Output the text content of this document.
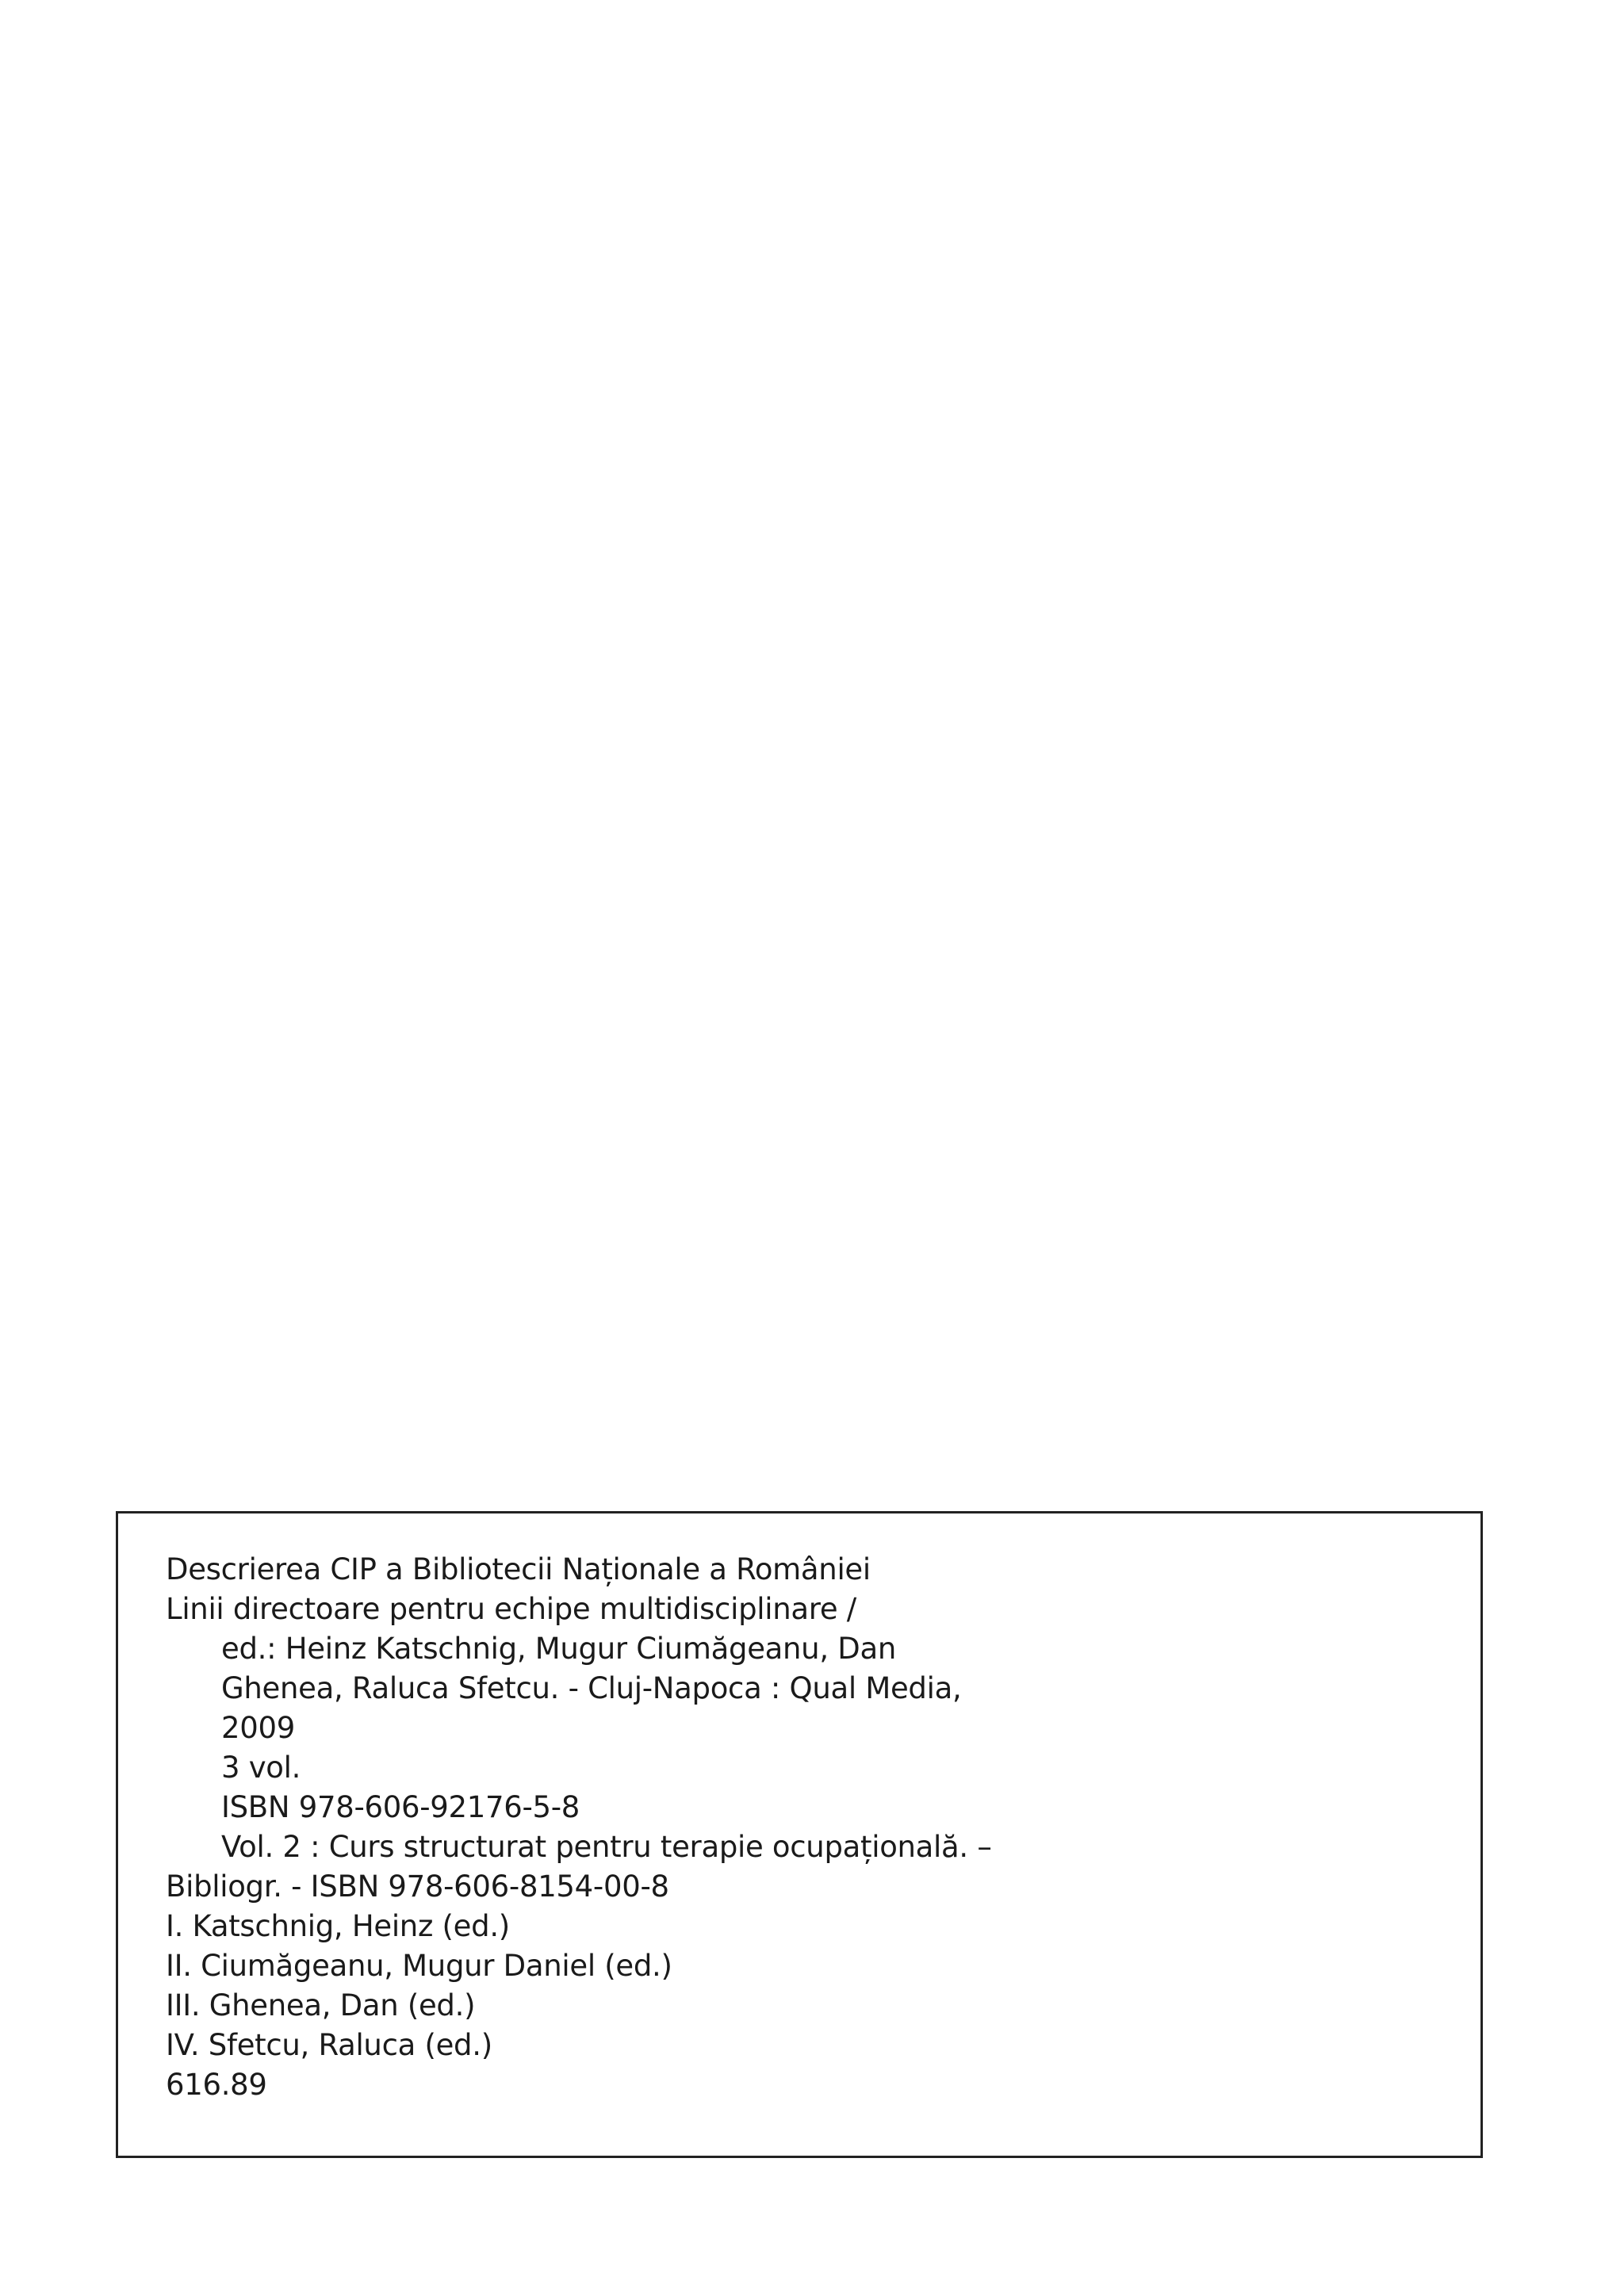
Descrierea CIP a Bibliotecii Naționale a României
Linii directoare pentru echipe multidisciplinare /
ed.: Heinz Katschnig, Mugur Ciumăgeanu, Dan
Ghenea, Raluca Sfetcu. - Cluj-Napoca : Qual Media,
2009
3 vol.
ISBN 978-606-92176-5-8
Vol. 2 : Curs structurat pentru terapie ocupațională. –
Bibliogr. - ISBN 978-606-8154-00-8
I. Katschnig, Heinz (ed.)
II. Ciumăgeanu, Mugur Daniel (ed.)
III. Ghenea, Dan (ed.)
IV. Sfetcu, Raluca (ed.)
616.89
